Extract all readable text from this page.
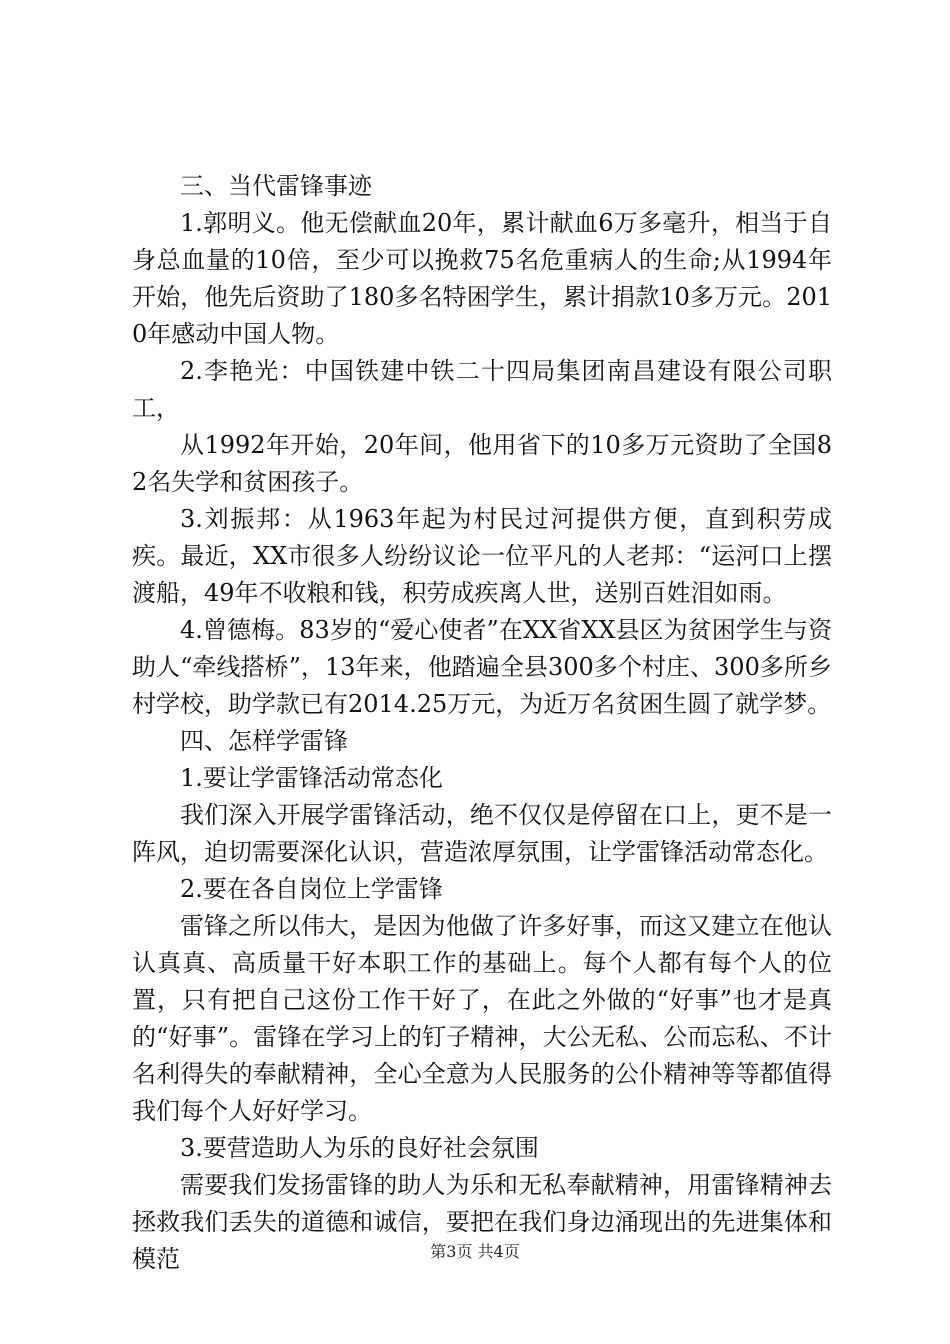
三、当代雷锋事迹

1.郭明义。他无偿献血20年，累计献血6万多毫升，相当于自身总血量的10倍，至少可以挽救75名危重病人的生命;从1994年开始，他先后资助了180多名特困学生，累计捐款10多万元。2010年感动中国人物。

2.李艳光：中国铁建中铁二十四局集团南昌建设有限公司职工，

从1992年开始，20年间，他用省下的10多万元资助了全国82名失学和贫困孩子。

3.刘振邦：从1963年起为村民过河提供方便，直到积劳成疾。最近，XX市很多人纷纷议论一位平凡的人老邦：“运河口上摆渡船，49年不收粮和钱，积劳成疾离人世，送别百姓泪如雨。

4.曾德梅。83岁的“爱心使者”在XX省XX县区为贫困学生与资助人“牵线搭桥”，13年来，他踏遍全县300多个村庄、300多所乡村学校，助学款已有2014.25万元，为近万名贫困生圆了就学梦。

四、怎样学雷锋

1.要让学雷锋活动常态化

我们深入开展学雷锋活动，绝不仅仅是停留在口上，更不是一阵风，迫切需要深化认识，营造浓厚氛围，让学雷锋活动常态化。

2.要在各自岗位上学雷锋

雷锋之所以伟大，是因为他做了许多好事，而这又建立在他认认真真、高质量干好本职工作的基础上。每个人都有每个人的位置，只有把自己这份工作干好了，在此之外做的“好事”也才是真的“好事”。雷锋在学习上的钉子精神，大公无私、公而忘私、不计名利得失的奉献精神，全心全意为人民服务的公仆精神等等都值得我们每个人好好学习。

3.要营造助人为乐的良好社会氛围

需要我们发扬雷锋的助人为乐和无私奉献精神，用雷锋精神去拯救我们丢失的道德和诚信，要把在我们身边涌现出的先进集体和模范	第3页 共4页
